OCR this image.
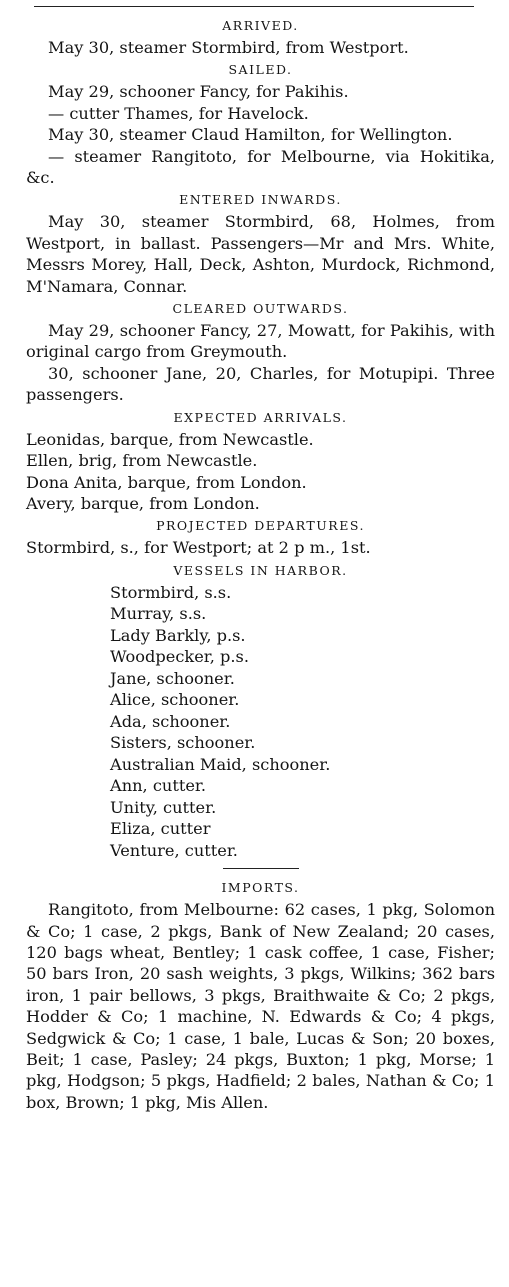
ARRIVED.

May 30, steamer Stormbird, from Westport.

SAILED.

May 29, schooner Fancy, for Pakihis.

— cutter Thames, for Havelock.

May 30, steamer Claud Hamilton, for Wellington.

— steamer Rangitoto, for Melbourne, via Hokitika, &c.

ENTERED INWARDS.

May 30, steamer Stormbird, 68, Holmes, from Westport, in ballast. Passengers—Mr and Mrs. White, Messrs Morey, Hall, Deck, Ashton, Murdock, Richmond, M'Namara, Connar.

CLEARED OUTWARDS.

May 29, schooner Fancy, 27, Mowatt, for Pakihis, with original cargo from Greymouth.

30, schooner Jane, 20, Charles, for Motupipi. Three passengers.

EXPECTED ARRIVALS.

Leonidas, barque, from Newcastle.

Ellen, brig, from Newcastle.

Dona Anita, barque, from London.

Avery, barque, from London.

PROJECTED DEPARTURES.

Stormbird, s., for Westport; at 2 p m., 1st.

VESSELS IN HARBOR.
Stormbird, s.s.
Murray, s.s.
Lady Barkly, p.s.
Woodpecker, p.s.
Jane, schooner.
Alice, schooner.
Ada, schooner.
Sisters, schooner.
Australian Maid, schooner.
Ann, cutter.
Unity, cutter.
Eliza, cutter
Venture, cutter.
IMPORTS.

Rangitoto, from Melbourne: 62 cases, 1 pkg, Solomon & Co; 1 case, 2 pkgs, Bank of New Zealand; 20 cases, 120 bags wheat, Bentley; 1 cask coffee, 1 case, Fisher; 50 bars Iron, 20 sash weights, 3 pkgs, Wilkins; 362 bars iron, 1 pair bellows, 3 pkgs, Braithwaite & Co; 2 pkgs, Hodder & Co; 1 machine, N. Edwards & Co; 4 pkgs, Sedgwick & Co; 1 case, 1 bale, Lucas & Son; 20 boxes, Beit; 1 case, Pasley; 24 pkgs, Buxton; 1 pkg, Morse; 1 pkg, Hodgson; 5 pkgs, Hadfield; 2 bales, Nathan & Co; 1 box, Brown; 1 pkg, Mis Allen.
